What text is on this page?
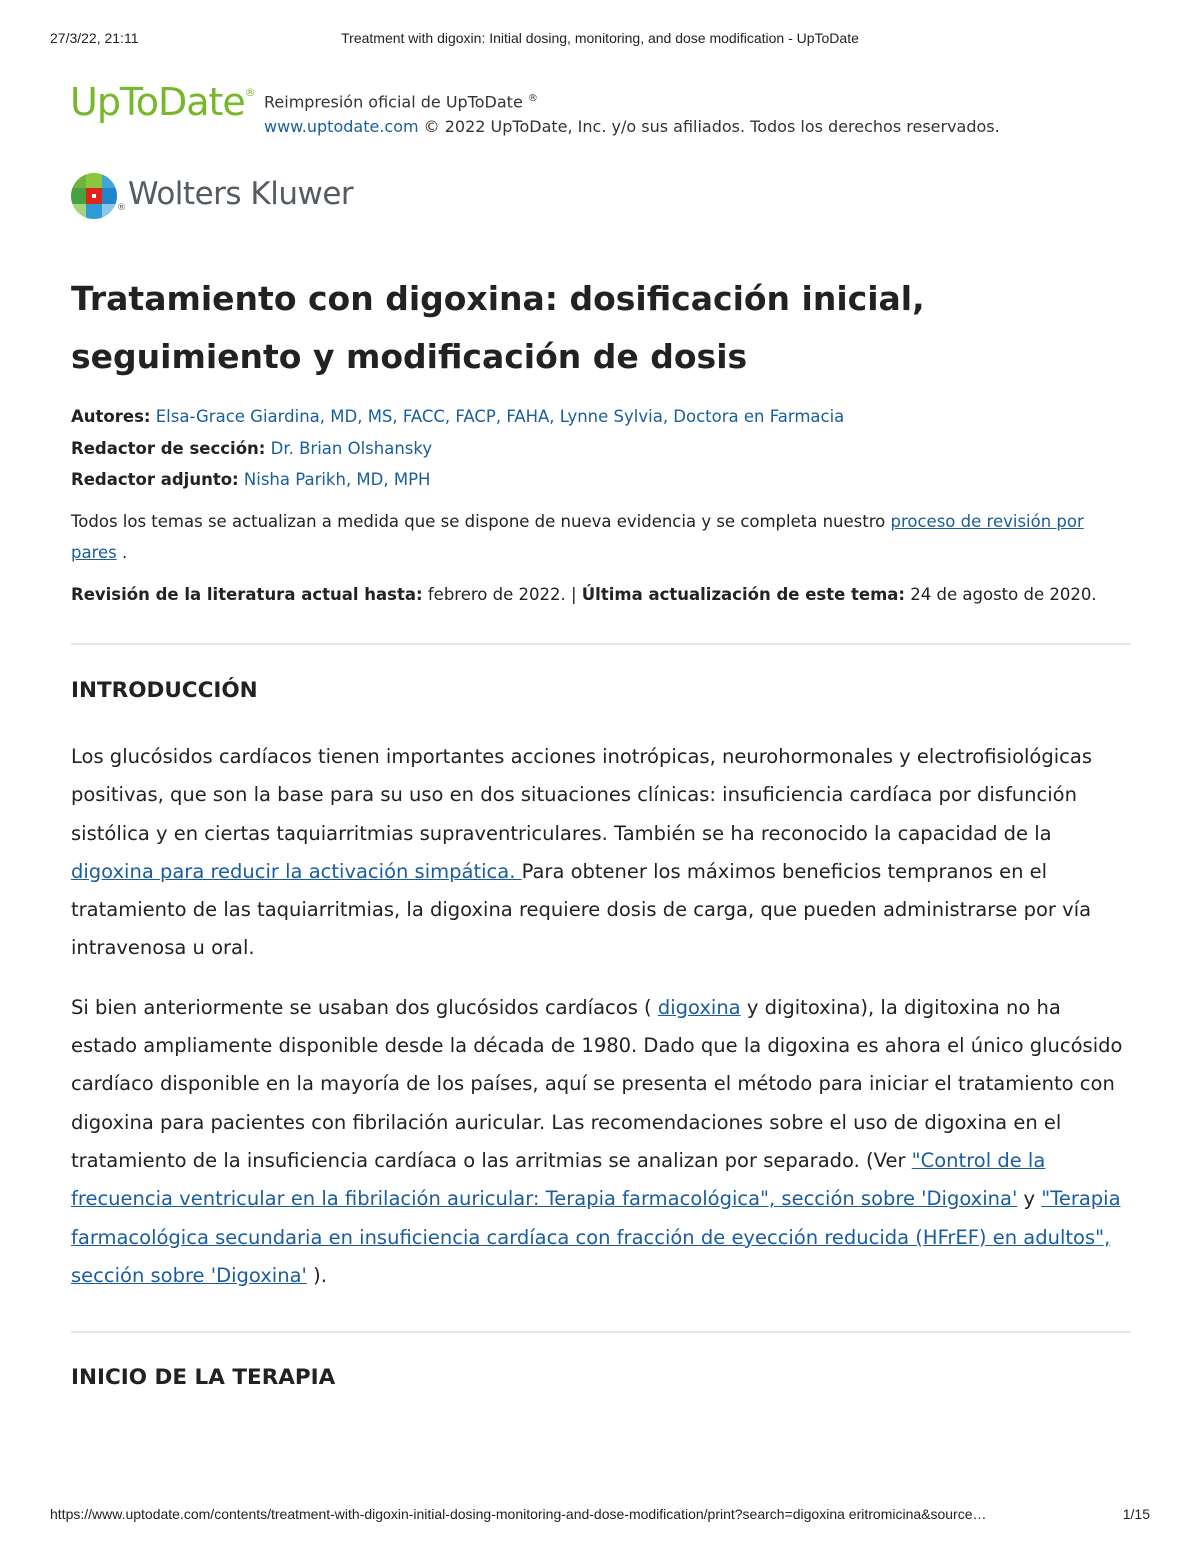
27/3/22, 21:11	Treatment with digoxin: Initial dosing, monitoring, and dose modification - UpToDate
UpToDate® Reimpresión oficial de UpToDate ®
www.uptodate.com © 2022 UpToDate, Inc. y/o sus afiliados. Todos los derechos reservados.
® Wolters Kluwer
Tratamiento con digoxina: dosificación inicial, seguimiento y modificación de dosis
Autores: Elsa-Grace Giardina, MD, MS, FACC, FACP, FAHA, Lynne Sylvia, Doctora en Farmacia
Redactor de sección: Dr. Brian Olshansky
Redactor adjunto: Nisha Parikh, MD, MPH
Todos los temas se actualizan a medida que se dispone de nueva evidencia y se completa nuestro proceso de revisión por pares .
Revisión de la literatura actual hasta: febrero de 2022. | Última actualización de este tema: 24 de agosto de 2020.
INTRODUCCIÓN

Los glucósidos cardíacos tienen importantes acciones inotrópicas, neurohormonales y electrofisiológicas positivas, que son la base para su uso en dos situaciones clínicas: insuficiencia cardíaca por disfunción sistólica y en ciertas taquiarritmias supraventriculares. También se ha reconocido la capacidad de la digoxina para reducir la activación simpática. Para obtener los máximos beneficios tempranos en el tratamiento de las taquiarritmias, la digoxina requiere dosis de carga, que pueden administrarse por vía intravenosa u oral.

Si bien anteriormente se usaban dos glucósidos cardíacos ( digoxina y digitoxina), la digitoxina no ha estado ampliamente disponible desde la década de 1980. Dado que la digoxina es ahora el único glucósido cardíaco disponible en la mayoría de los países, aquí se presenta el método para iniciar el tratamiento con digoxina para pacientes con fibrilación auricular. Las recomendaciones sobre el uso de digoxina en el tratamiento de la insuficiencia cardíaca o las arritmias se analizan por separado. (Ver "Control de la frecuencia ventricular en la fibrilación auricular: Terapia farmacológica", sección sobre 'Digoxina' y "Terapia farmacológica secundaria en insuficiencia cardíaca con fracción de eyección reducida (HFrEF) en adultos", sección sobre 'Digoxina' ).

INICIO DE LA TERAPIA
https://www.uptodate.com/contents/treatment-with-digoxin-initial-dosing-monitoring-and-dose-modification/print?search=digoxina eritromicina&source…	1/15
